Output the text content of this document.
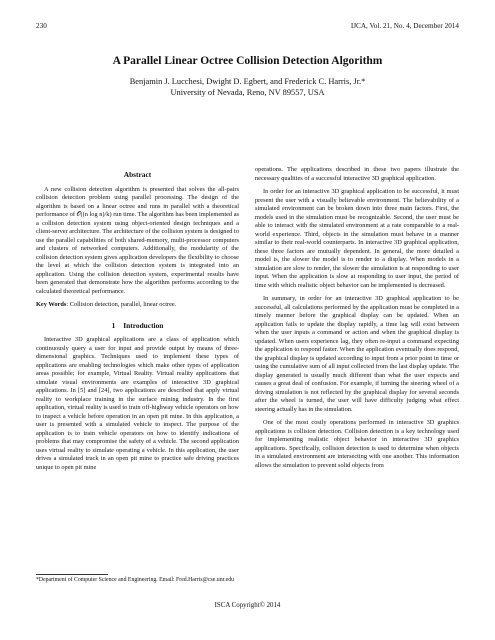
230	IJCA, Vol. 21, No. 4, December 2014
A Parallel Linear Octree Collision Detection Algorithm
Benjamin J. Lucchesi, Dwight D. Egbert, and Frederick C. Harris, Jr.*
University of Nevada, Reno, NV 89557, USA
Abstract

A new collision detection algorithm is presented that solves the all-pairs collision detection problem using parallel processing. The design of the algorithm is based on a linear octree and runs in parallel with a theoretical performance of 𝒪((n log n)/k) run time. The algorithm has been implemented as a collision detection system using object-oriented design techniques and a client-server architecture. The architecture of the collision system is designed to use the parallel capabilities of both shared-memory, multi-processor computers and clusters of networked computers. Additionally, the modularity of the collision detection system gives application developers the flexibility to choose the level at which the collision detection system is integrated into an application. Using the collision detection system, experimental results have been generated that demonstrate how the algorithm performs according to the calculated theoretical performance.

Key Words: Collision detection, parallel, linear octree.

1 Introduction

Interactive 3D graphical applications are a class of application which continuously query a user for input and provide output by means of three-dimensional graphics. Techniques used to implement these types of applications are enabling technologies which make other types of application areas possible; for example, Virtual Reality. Virtual reality applications that simulate visual environments are examples of interactive 3D graphical applications. In [5] and [24], two applications are described that apply virtual reality to workplace training in the surface mining industry. In the first application, virtual reality is used to train off-highway vehicle operators on how to inspect a vehicle before operation in an open pit mine. In this application, a user is presented with a simulated vehicle to inspect. The purpose of the application is to train vehicle operators on how to identify indications of problems that may compromise the safety of a vehicle. The second application uses virtual reality to simulate operating a vehicle. In this application, the user drives a simulated truck in an open pit mine to practice safe driving practices unique to open pit mine

operations. The applications described in these two papers illustrate the necessary qualities of a successful interactive 3D graphical application.

In order for an interactive 3D graphical application to be successful, it must present the user with a visually believable environment. The believability of a simulated environment can be broken down into three main factors. First, the models used in the simulation must be recognizable. Second, the user must be able to interact with the simulated environment at a rate comparable to a real-world experience. Third, objects in the simulation must behave in a manner similar to their real-world counterparts. In interactive 3D graphical application, these three factors are mutually dependent. In general, the more detailed a model is, the slower the model is to render to a display. When models in a simulation are slow to render, the slower the simulation is at responding to user input. When the application is slow at responding to user input, the period of time with which realistic object behavior can be implemented is decreased.

In summary, in order for an interactive 3D graphical application to be successful, all calculations performed by the application must be completed in a timely manner before the graphical display can be updated. When an application fails to update the display rapidly, a time lag will exist between when the user inputs a command or action and when the graphical display is updated. When users experience lag, they often re-input a command expecting the application to respond faster. When the application eventually does respond, the graphical display is updated according to input from a prior point in time or using the cumulative sum of all input collected from the last display update. The display generated is usually much different than what the user expects and causes a great deal of confusion. For example, if turning the steering wheel of a driving simulation is not reflected by the graphical display for several seconds after the wheel is turned, the user will have difficulty judging what effect steering actually has in the simulation.

One of the most costly operations performed in interactive 3D graphics applications is collision detection. Collision detection is a key technology used for implementing realistic object behavior in interactive 3D graphics applications. Specifically, collision detection is used to determine when objects in a simulated environment are intersecting with one another. This information allows the simulation to prevent solid objects from

*Department of Computer Science and Engineering. Email: Fred.Harris@cse.unr.edu
ISCA Copyright© 2014
